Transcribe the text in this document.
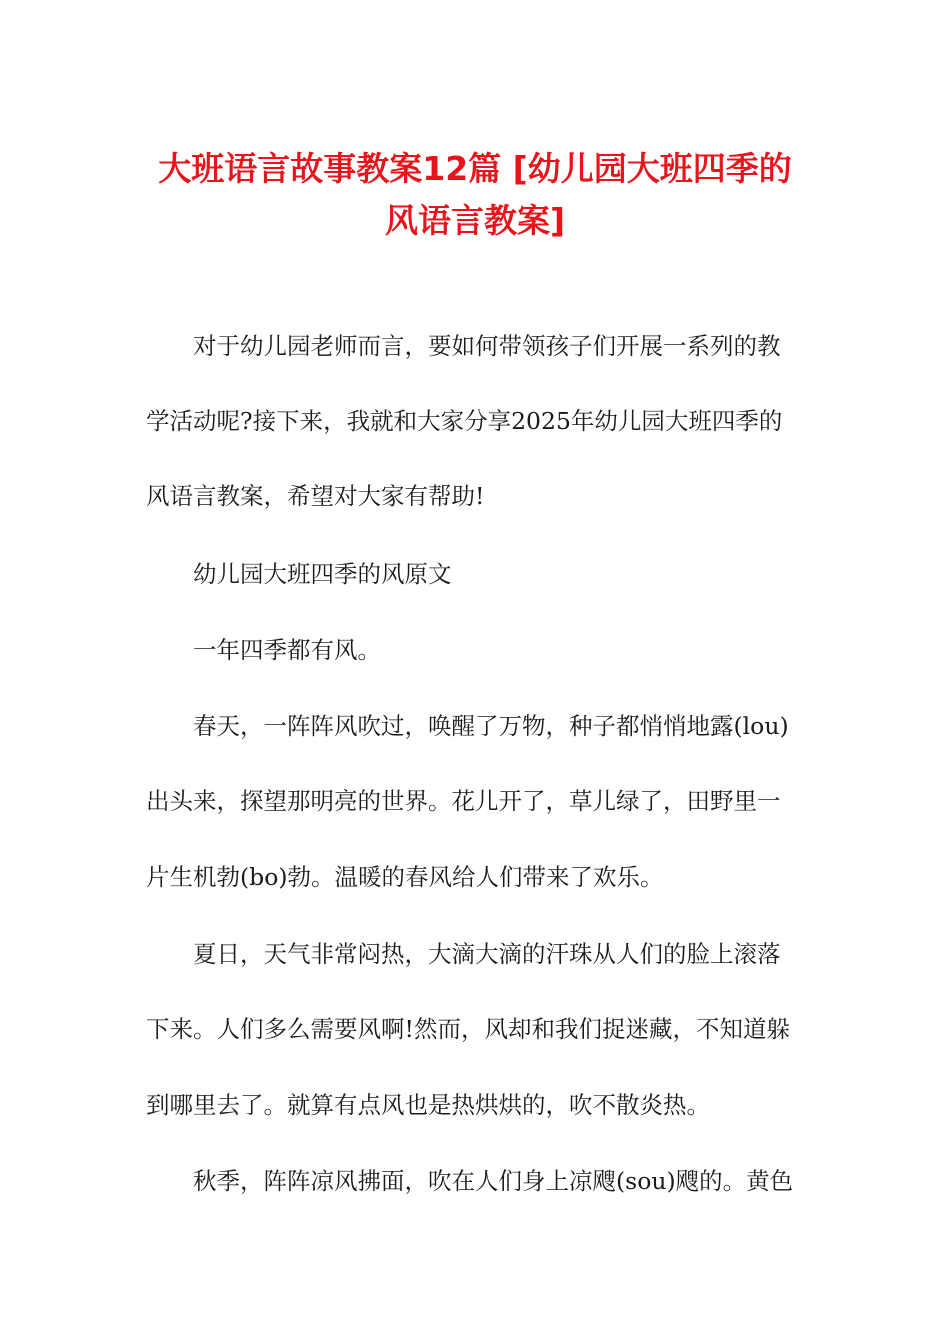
大班语言故事教案12篇 [幼儿园大班四季的
风语言教案]
对于幼儿园老师而言，要如何带领孩子们开展一系列的教
学活动呢?接下来，我就和大家分享2025年幼儿园大班四季的
风语言教案，希望对大家有帮助!
幼儿园大班四季的风原文
一年四季都有风。
春天，一阵阵风吹过，唤醒了万物，种子都悄悄地露(lou)
出头来，探望那明亮的世界。花儿开了，草儿绿了，田野里一
片生机勃(bo)勃。温暖的春风给人们带来了欢乐。
夏日，天气非常闷热，大滴大滴的汗珠从人们的脸上滚落
下来。人们多么需要风啊!然而，风却和我们捉迷藏，不知道躲
到哪里去了。就算有点风也是热烘烘的，吹不散炎热。
秋季，阵阵凉风拂面，吹在人们身上凉飕(sou)飕的。黄色
